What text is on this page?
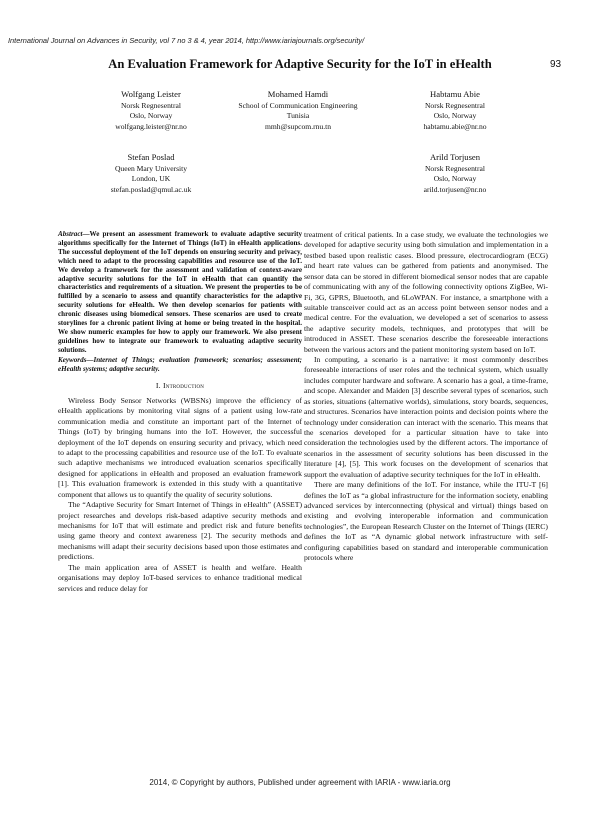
International Journal on Advances in Security, vol 7 no 3 & 4, year 2014, http://www.iariajournals.org/security/
93
An Evaluation Framework for Adaptive Security for the IoT in eHealth
Wolfgang Leister
Norsk Regnesentral
Oslo, Norway
wolfgang.leister@nr.no
Mohamed Hamdi
School of Communication Engineering
Tunisia
mmh@supcom.rnu.tn
Habtamu Abie
Norsk Regnesentral
Oslo, Norway
habtamu.abie@nr.no
Stefan Poslad
Queen Mary University
London, UK
stefan.poslad@qmul.ac.uk
Arild Torjusen
Norsk Regnesentral
Oslo, Norway
arild.torjusen@nr.no
Abstract—We present an assessment framework to evaluate adaptive security algorithms specifically for the Internet of Things (IoT) in eHealth applications. The successful deployment of the IoT depends on ensuring security and privacy, which need to adapt to the processing capabilities and resource use of the IoT. We develop a framework for the assessment and validation of context-aware adaptive security solutions for the IoT in eHealth that can quantify the characteristics and requirements of a situation. We present the properties to be fulfilled by a scenario to assess and quantify characteristics for the adaptive security solutions for eHealth. We then develop scenarios for patients with chronic diseases using biomedical sensors. These scenarios are used to create storylines for a chronic patient living at home or being treated in the hospital. We show numeric examples for how to apply our framework. We also present guidelines how to integrate our framework to evaluating adaptive security solutions.
Keywords—Internet of Things; evaluation framework; scenarios; assessment; eHealth systems; adaptive security.
I. Introduction

Wireless Body Sensor Networks (WBSNs) improve the efficiency of eHealth applications by monitoring vital signs of a patient using low-rate communication media and constitute an important part of the Internet of Things (IoT) by bringing humans into the IoT. However, the successful deployment of the IoT depends on ensuring security and privacy, which need to adapt to the processing capabilities and resource use of the IoT. To evaluate such adaptive mechanisms we introduced evaluation scenarios specifically designed for applications in eHealth and proposed an evaluation framework [1]. This evaluation framework is extended in this study with a quantitative component that allows us to quantify the quality of security solutions.

The “Adaptive Security for Smart Internet of Things in eHealth” (ASSET) project researches and develops risk-based adaptive security methods and mechanisms for IoT that will estimate and predict risk and future benefits using game theory and context awareness [2]. The security methods and mechanisms will adapt their security decisions based upon those estimates and predictions.

The main application area of ASSET is health and welfare. Health organisations may deploy IoT-based services to enhance traditional medical services and reduce delay for

treatment of critical patients. In a case study, we evaluate the technologies we developed for adaptive security using both simulation and implementation in a testbed based upon realistic cases. Blood pressure, electrocardiogram (ECG) and heart rate values can be gathered from patients and anonymised. The sensor data can be stored in different biomedical sensor nodes that are capable of communicating with any of the following connectivity options ZigBee, Wi-Fi, 3G, GPRS, Bluetooth, and 6LoWPAN. For instance, a smartphone with a suitable transceiver could act as an access point between sensor nodes and a medical centre. For the evaluation, we developed a set of scenarios to assess the adaptive security models, techniques, and prototypes that will be introduced in ASSET. These scenarios describe the foreseeable interactions between the various actors and the patient monitoring system based on IoT.

In computing, a scenario is a narrative: it most commonly describes foreseeable interactions of user roles and the technical system, which usually includes computer hardware and software. A scenario has a goal, a time-frame, and scope. Alexander and Maiden [3] describe several types of scenarios, such as stories, situations (alternative worlds), simulations, story boards, sequences, and structures. Scenarios have interaction points and decision points where the technology under consideration can interact with the scenario. This means that the scenarios developed for a particular situation have to take into consideration the technologies used by the different actors. The importance of scenarios in the assessment of security solutions has been discussed in the literature [4], [5]. This work focuses on the development of scenarios that support the evaluation of adaptive security techniques for the IoT in eHealth.

There are many definitions of the IoT. For instance, while the ITU-T [6] defines the IoT as “a global infrastructure for the information society, enabling advanced services by interconnecting (physical and virtual) things based on existing and evolving interoperable information and communication technologies”, the European Research Cluster on the Internet of Things (IERC) defines the IoT as “A dynamic global network infrastructure with self-configuring capabilities based on standard and interoperable communication protocols where

2014, © Copyright by authors, Published under agreement with IARIA - www.iaria.org
